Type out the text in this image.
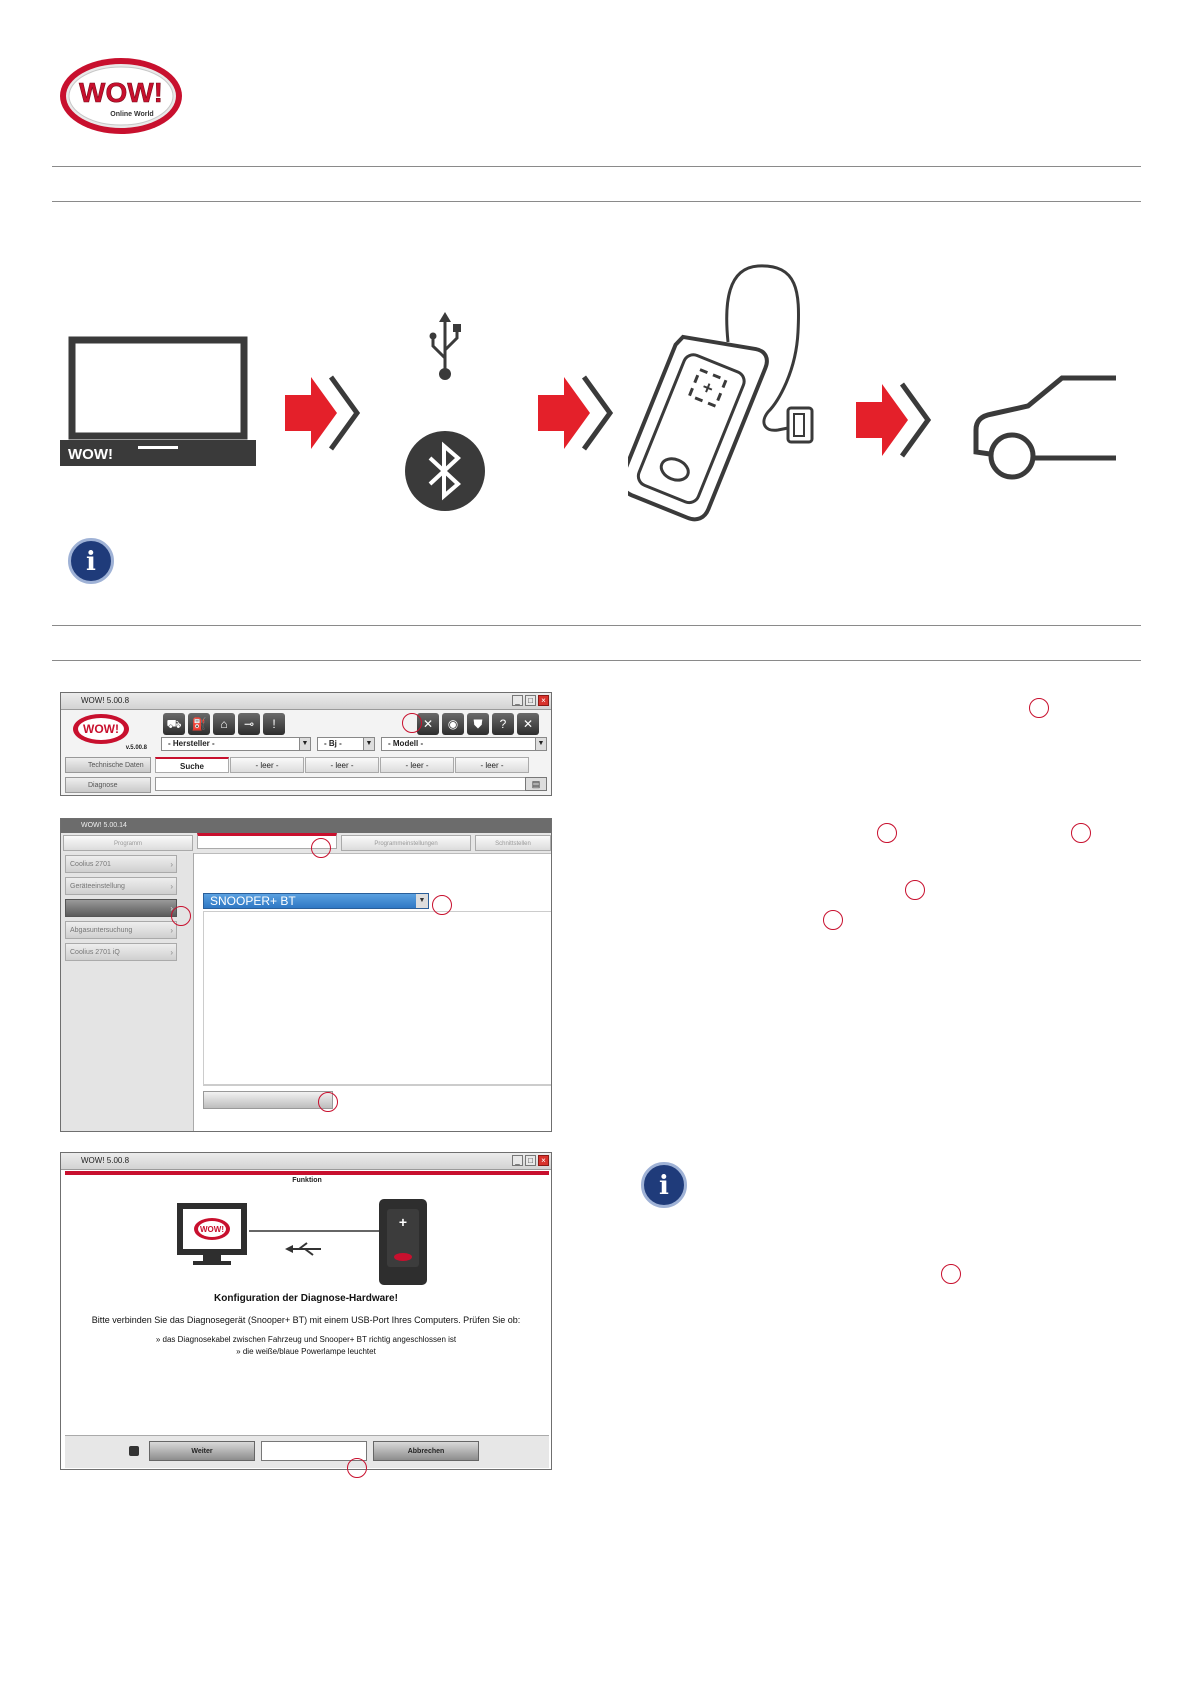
WOW!
Online World
WOW!
+
i
WOW! 5.00.8	_	□	×
WOW!
v.5.00.8
⛟ ⛽	⌂	⊸	!	✕	◉	⛊	?	✕
- Hersteller -	▼	- Bj -	▼	- Modell -	▼
Technische Daten
Diagnose
Suche	- leer -	- leer -	- leer -	- leer -
▤
WOW! 5.00.14
Programm	Programmeinstellungen	Schnittstellen
Coolius 2701	›
Geräteeinstellung	›
›
Abgasuntersuchung	›
Coolius 2701 iQ	›
SNOOPER+ BT	▼
WOW! 5.00.8	_	□	×
Funktion
WOW!	+
Konfiguration der Diagnose-Hardware!
Bitte verbinden Sie das Diagnosegerät (Snooper+ BT) mit einem USB-Port Ihres Computers. Prüfen Sie ob:
» das Diagnosekabel zwischen Fahrzeug und Snooper+ BT richtig angeschlossen ist
» die weiße/blaue Powerlampe leuchtet
Weiter	Abbrechen
i
